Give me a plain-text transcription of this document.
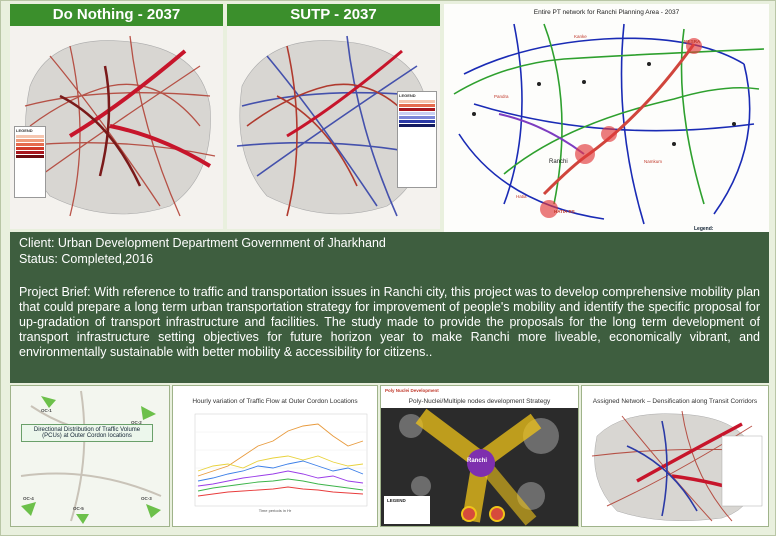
Do Nothing - 2037
LEGEND
SUTP - 2037
LEGEND
Entire PT network for Ranchi Planning Area - 2037
MESRA
Kanke
Pandra
Hatia
Ranchi
HATIA RS
Namkum
Legend:
Client: Urban Development Department Government of Jharkhand
Status: Completed,2016
Project Brief: With reference to traffic and transportation issues in Ranchi city, this project was to develop comprehensive mobility plan that could prepare a long term urban transportation strategy for improvement of people's mobility and identify the specific proposal for up-gradation of transport infrastructure and facilities. The study made to provide the proposals for the long term development of transport infrastructure setting objectives for future horizon year to make Ranchi more liveable, economically vibrant, and environmentally sustainable with better mobility & accessibility for citizens..
Directional Distribution of Traffic Volume (PCUs) at Outer Cordon locations
OC-1
OC-2
OC-3
OC-4
OC-5
Hourly variation of Traffic Flow at Outer Cordon Locations
Time periods in Hr
Poly-Nuclei/Multiple nodes development Strategy
Poly Nuclei Development
Ranchi
LEGEND
Assigned Network – Densification along Transit Corridors
